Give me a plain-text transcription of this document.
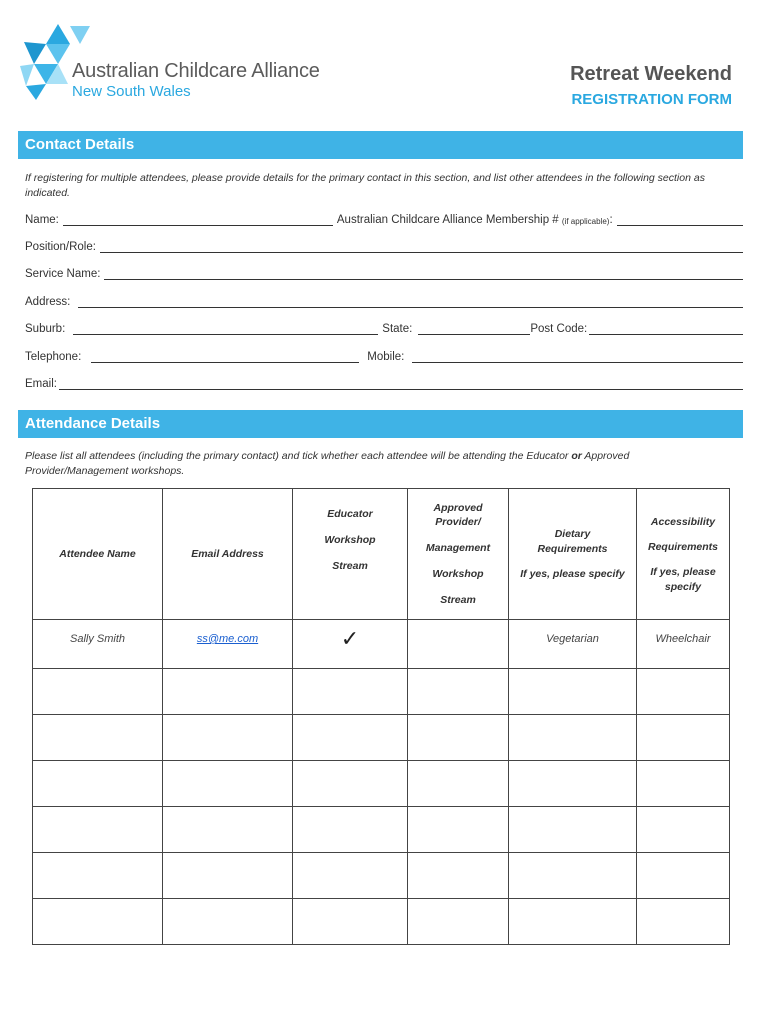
Australian Childcare Alliance
New South Wales
Retreat Weekend
REGISTRATION FORM
Contact Details
If registering for multiple attendees, please provide details for the primary contact in this section, and list other attendees in the following section as indicated.
Name:	Australian Childcare Alliance Membership #
(if applicable) :
Position/Role:
Service Name:
Address:
Suburb:	State:	Post Code:
Telephone:	Mobile:
Email:
Attendance Details
Please list all attendees (including the primary contact) and tick whether each attendee will be attending the Educator or Approved Provider/Management workshops.
Attendee Name	Email Address	Educator
Workshop
Stream	Approved
Provider/
Management
Workshop
Stream	Dietary
Requirements
If yes, please specify	Accessibility
Requirements
If yes, please specify

Sally Smith	ss@me.com	✓		Vegetarian	Wheelchair
